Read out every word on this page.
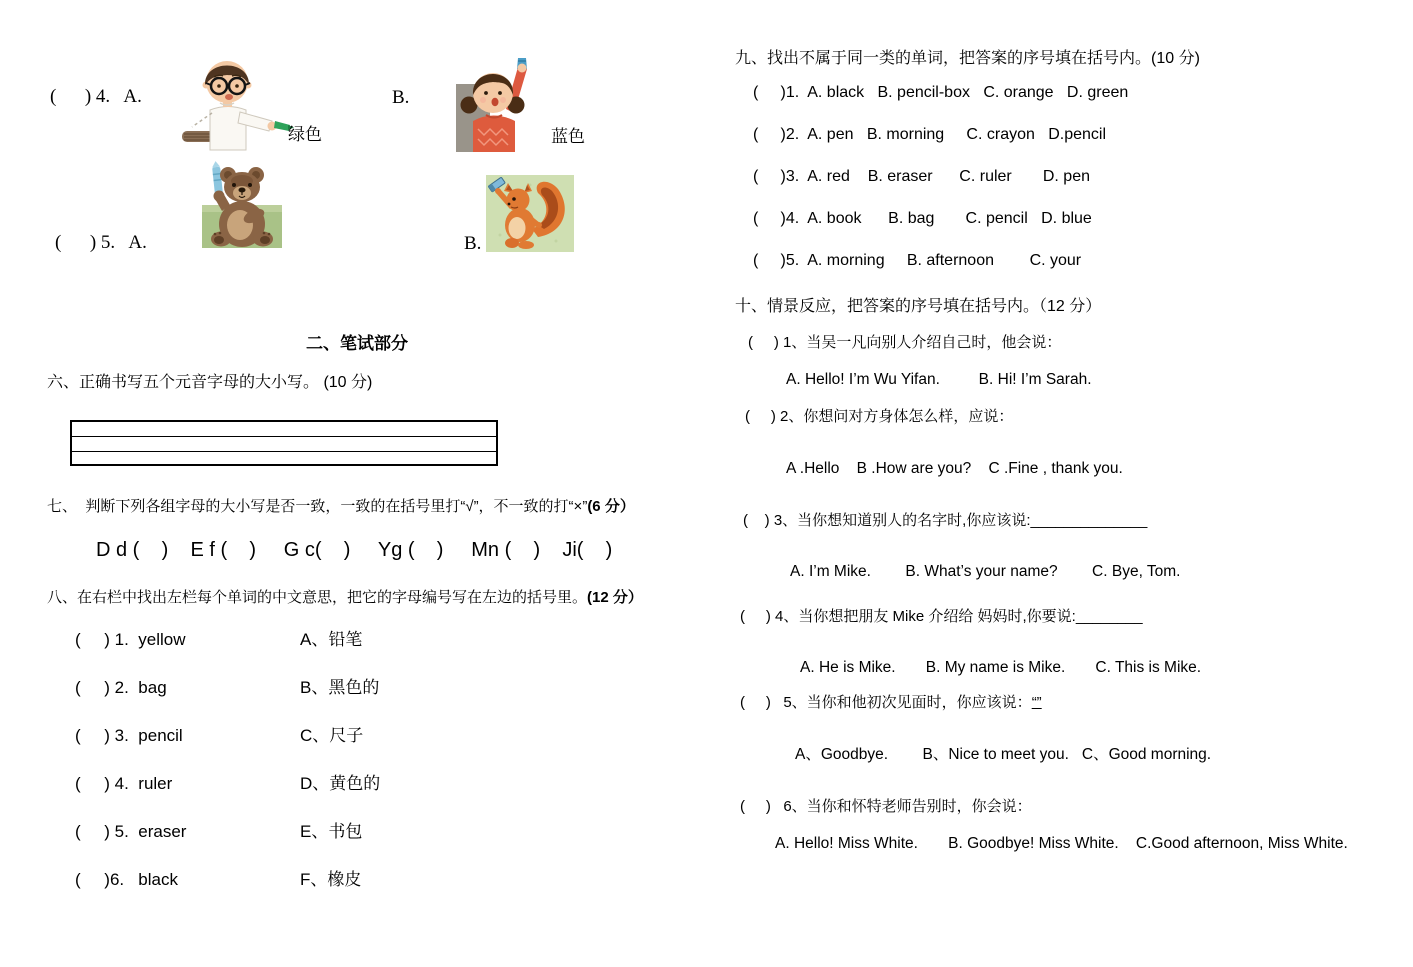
(      ) 4.   A.
绿色
B.
蓝色
(      ) 5.   A.	B.
二、笔试部分
六、正确书写五个元音字母的大小写。 (10 分)
七、  判断下列各组字母的大小写是否一致，一致的在括号里打“√”，不一致的打“×”(6 分）
D d (    )    E f (    )     G c(    )     Yg (    )     Mn (    )    Ji(    )
八、在右栏中找出左栏每个单词的中文意思，把它的字母编号写在左边的括号里。(12 分）
(     ) 1.  yellow	A、铅笔
(     ) 2.  bag	B、黑色的
(     ) 3.  pencil	C、尺子
(     ) 4.  ruler	D、黄色的
(     ) 5.  eraser	E、书包
(     )6.   black	F、橡皮
九、找出不属于同一类的单词，把答案的序号填在括号内。(10 分)
(     )1.  A. black   B. pencil-box   C. orange   D. green
(     )2.  A. pen   B. morning     C. crayon   D.pencil
(     )3.  A. red    B. eraser      C. ruler       D. pen
(     )4.  A. book      B. bag       C. pencil   D. blue
(     )5.  A. morning     B. afternoon        C. your
十、情景反应，把答案的序号填在括号内。（12 分）
(     ) 1、当吴一凡向别人介绍自己时，他会说：
A. Hello! I’m Wu Yifan.         B. Hi! I’m Sarah.
(     ) 2、你想问对方身体怎么样，应说：
A .Hello    B .How are you?    C .Fine , thank you.
(    ) 3、当你想知道别人的名字时,你应该说:______________
A. I’m Mike.        B. What’s your name?        C. Bye, Tom.
(     ) 4、当你想把朋友 Mike 介绍给 妈妈时,你要说:________
A. He is Mike.       B. My name is Mike.       C. This is Mike.
(     )   5、当你和他初次见面时，你应该说：“”
A、Goodbye.        B、Nice to meet you.   C、Good morning.
(     )   6、当你和怀特老师告别时，你会说：
A. Hello! Miss White.       B. Goodbye! Miss White.    C.Good afternoon, Miss White.
